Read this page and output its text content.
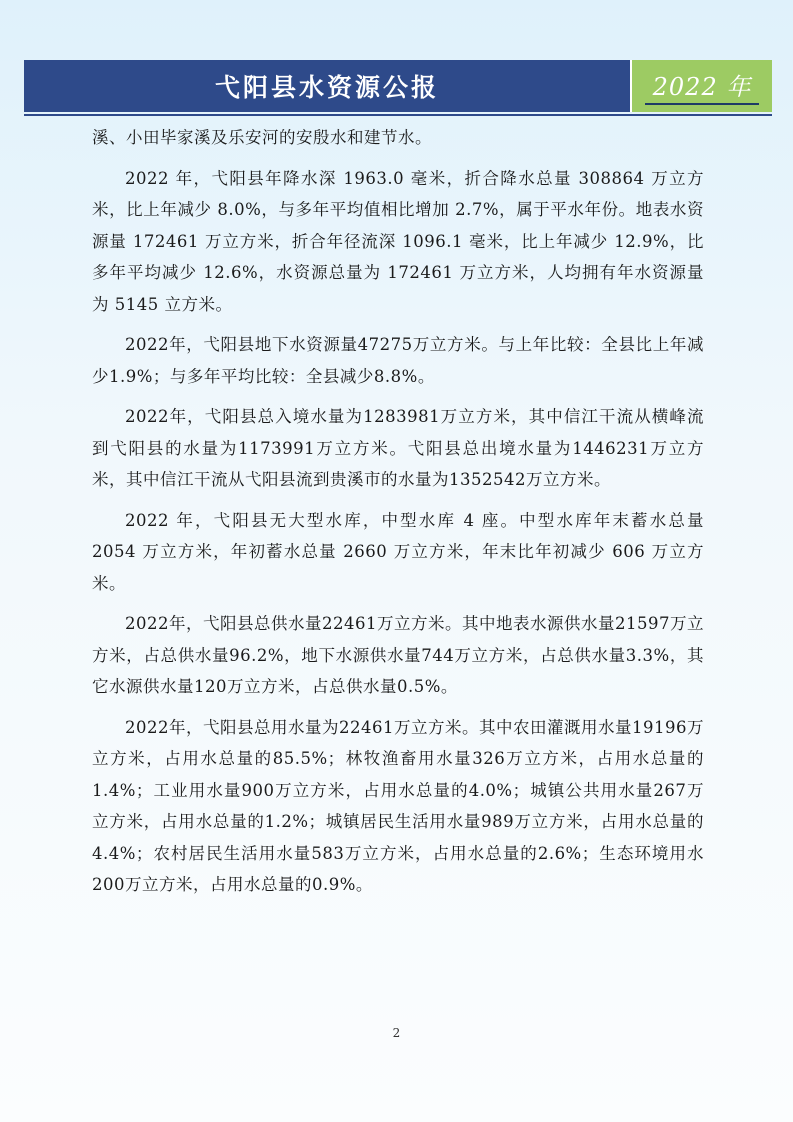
弋阳县水资源公报	2022 年

溪、小田毕家溪及乐安河的安殷水和建节水。

2022 年，弋阳县年降水深 1963.0 毫米，折合降水总量 308864 万立方米，比上年减少 8.0%，与多年平均值相比增加 2.7%，属于平水年份。地表水资源量 172461 万立方米，折合年径流深 1096.1 毫米，比上年减少 12.9%，比多年平均减少 12.6%，水资源总量为 172461 万立方米，人均拥有年水资源量为 5145 立方米。

2022年，弋阳县地下水资源量47275万立方米。与上年比较：全县比上年减少1.9%；与多年平均比较：全县减少8.8%。

2022年，弋阳县总入境水量为1283981万立方米，其中信江干流从横峰流到弋阳县的水量为1173991万立方米。弋阳县总出境水量为1446231万立方米，其中信江干流从弋阳县流到贵溪市的水量为1352542万立方米。

2022 年，弋阳县无大型水库，中型水库 4 座。中型水库年末蓄水总量 2054 万立方米，年初蓄水总量 2660 万立方米，年末比年初减少 606 万立方米。

2022年，弋阳县总供水量22461万立方米。其中地表水源供水量21597万立方米，占总供水量96.2%，地下水源供水量744万立方米，占总供水量3.3%，其它水源供水量120万立方米，占总供水量0.5%。

2022年，弋阳县总用水量为22461万立方米。其中农田灌溉用水量19196万立方米，占用水总量的85.5%；林牧渔畜用水量326万立方米，占用水总量的1.4%；工业用水量900万立方米，占用水总量的4.0%；城镇公共用水量267万立方米，占用水总量的1.2%；城镇居民生活用水量989万立方米，占用水总量的4.4%；农村居民生活用水量583万立方米，占用水总量的2.6%；生态环境用水200万立方米，占用水总量的0.9%。

2
